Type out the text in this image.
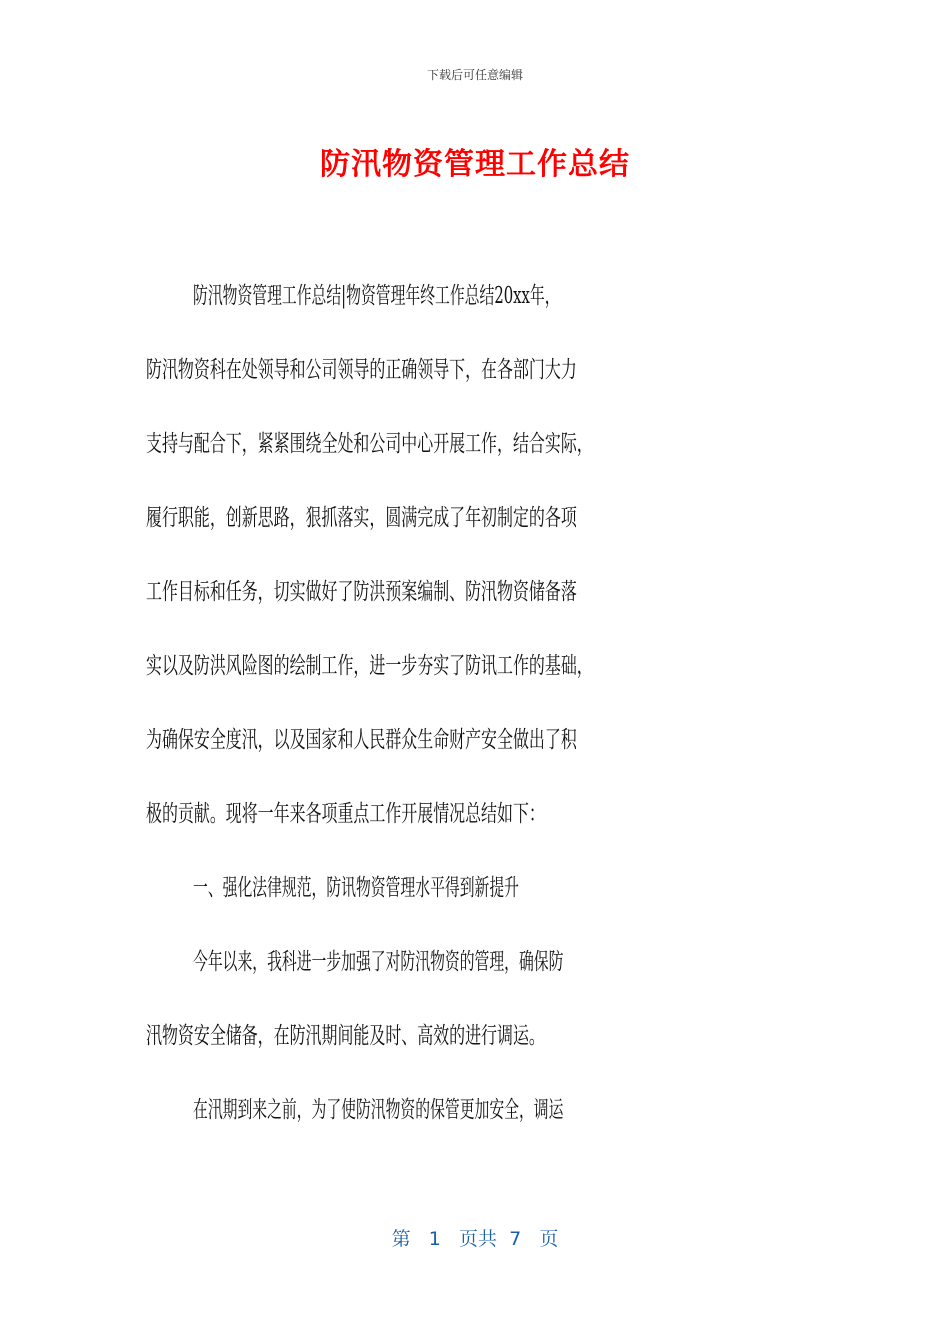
下载后可任意编辑
防汛物资管理工作总结
防汛物资管理工作总结|物资管理年终工作总结20xx年，
防汛物资科在处领导和公司领导的正确领导下，在各部门大力
支持与配合下，紧紧围绕全处和公司中心开展工作，结合实际，
履行职能，创新思路，狠抓落实，圆满完成了年初制定的各项
工作目标和任务，切实做好了防洪预案编制、防汛物资储备落
实以及防洪风险图的绘制工作，进一步夯实了防讯工作的基础，
为确保安全度汛，以及国家和人民群众生命财产安全做出了积
极的贡献。现将一年来各项重点工作开展情况总结如下：
一、强化法律规范，防讯物资管理水平得到新提升
今年以来，我科进一步加强了对防汛物资的管理，确保防
汛物资安全储备，在防汛期间能及时、高效的进行调运。
在汛期到来之前，为了使防汛物资的保管更加安全，调运
第 1 页共 7 页
